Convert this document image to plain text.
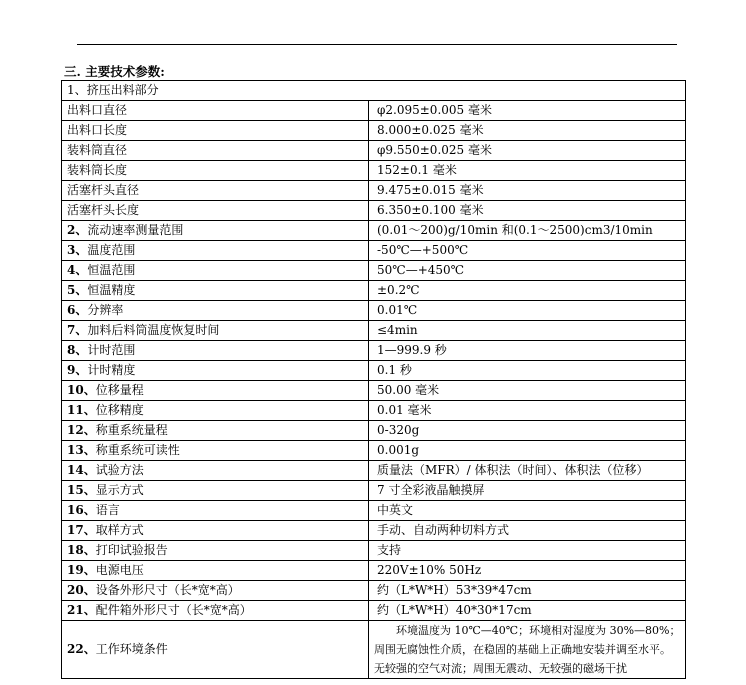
三. 主要技术参数:
1、挤压出料部分	
出料口直径	φ2.095±0.005 毫米
出料口长度	8.000±0.025 毫米
装料筒直径	φ9.550±0.025 毫米
装料筒长度	152±0.1 毫米
活塞杆头直径	9.475±0.015 毫米
活塞杆头长度	6.350±0.100 毫米
2、流动速率测量范围	(0.01～200)g/10min 和(0.1～2500)cm3/10min
3、温度范围	-50℃—+500℃
4、恒温范围	50℃—+450℃
5、恒温精度	±0.2℃
6、分辨率	0.01℃
7、加料后料筒温度恢复时间	≤4min
8、计时范围	1—999.9 秒
9、计时精度	0.1 秒
10、位移量程	50.00 毫米
11、位移精度	0.01 毫米
12、称重系统量程	0-320g
13、称重系统可读性	0.001g
14、试验方法	质量法（MFR）/ 体积法（时间）、体积法（位移）
15、显示方式	7 寸全彩液晶触摸屏
16、语言	中英文
17、取样方式	手动、自动两种切料方式
18、打印试验报告	支持
19、电源电压	220V±10% 50Hz
20、设备外形尺寸（长*宽*高）	约（L*W*H）53*39*47cm
21、配件箱外形尺寸（长*宽*高）	约（L*W*H）40*30*17cm
22、工作环境条件	环境温度为 10℃—40℃；环境相对湿度为 30%—80%；
周围无腐蚀性介质，在稳固的基础上正确地安装并调至水平。
无较强的空气对流；周围无震动、无较强的磁场干扰
